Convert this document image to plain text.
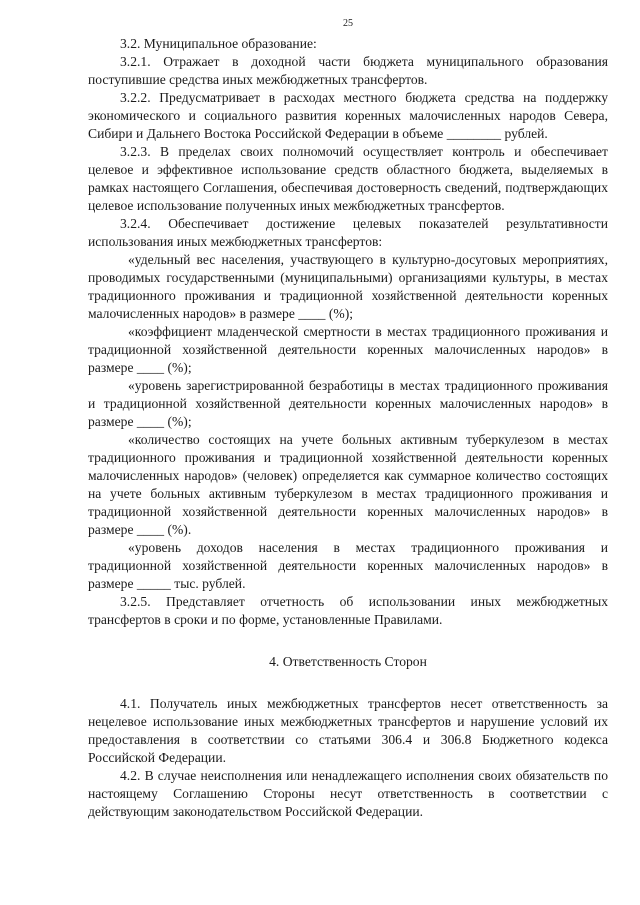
25

3.2. Муниципальное образование:

3.2.1. Отражает в доходной части бюджета муниципального образования поступившие средства иных межбюджетных трансфертов.

3.2.2. Предусматривает в расходах местного бюджета средства на поддержку экономического и социального развития коренных малочисленных народов Севера, Сибири и Дальнего Востока Российской Федерации в объеме ________ рублей.

3.2.3. В пределах своих полномочий осуществляет контроль и обеспечивает целевое и эффективное использование средств областного бюджета, выделяемых в рамках настоящего Соглашения, обеспечивая достоверность сведений, подтверждающих целевое использование полученных иных межбюджетных трансфертов.

3.2.4. Обеспечивает достижение целевых показателей результативности использования иных межбюджетных трансфертов:

«удельный вес населения, участвующего в культурно-досуговых мероприятиях, проводимых государственными (муниципальными) организациями культуры, в местах традиционного проживания и традиционной хозяйственной деятельности коренных малочисленных народов» в размере ____ (%);

«коэффициент младенческой смертности в местах традиционного проживания и традиционной хозяйственной деятельности коренных малочисленных народов» в размере ____ (%);

«уровень зарегистрированной безработицы в местах традиционного проживания и традиционной хозяйственной деятельности коренных малочисленных народов» в размере ____ (%);

«количество состоящих на учете больных активным туберкулезом в местах традиционного проживания и традиционной хозяйственной деятельности коренных малочисленных народов» (человек) определяется как суммарное количество состоящих на учете больных активным туберкулезом в местах традиционного проживания и традиционной хозяйственной деятельности коренных малочисленных народов» в размере ____ (%).

«уровень доходов населения в местах традиционного проживания и традиционной хозяйственной деятельности коренных малочисленных народов» в размере _____ тыс. рублей.

3.2.5. Представляет отчетность об использовании иных межбюджетных трансфертов в сроки и по форме, установленные Правилами.

4. Ответственность Сторон

4.1. Получатель иных межбюджетных трансфертов несет ответственность за нецелевое использование иных межбюджетных трансфертов и нарушение условий их предоставления в соответствии со статьями 306.4 и 306.8 Бюджетного кодекса Российской Федерации.

4.2. В случае неисполнения или ненадлежащего исполнения своих обязательств по настоящему Соглашению Стороны несут ответственность в соответствии с действующим законодательством Российской Федерации.
